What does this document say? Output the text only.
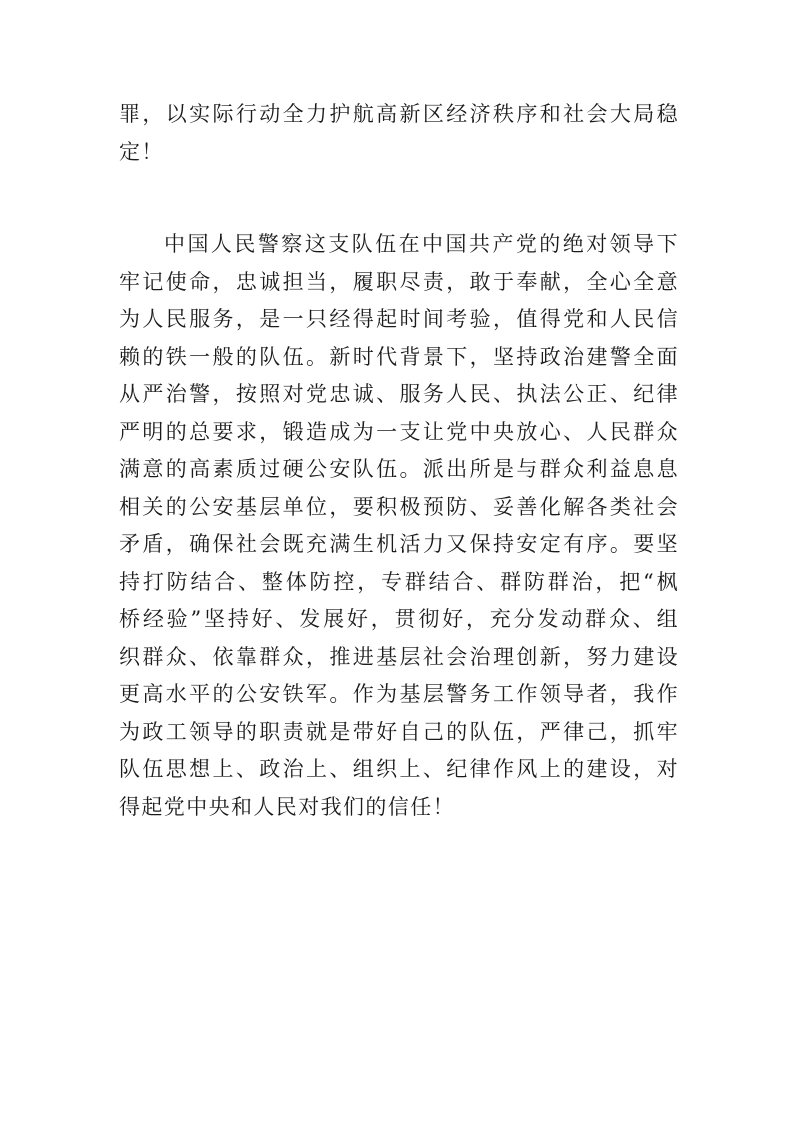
罪，以实际行动全力护航高新区经济秩序和社会大局稳
定！
中国人民警察这支队伍在中国共产党的绝对领导下
牢记使命，忠诚担当，履职尽责，敢于奉献，全心全意
为人民服务，是一只经得起时间考验，值得党和人民信
赖的铁一般的队伍。新时代背景下，坚持政治建警全面
从严治警，按照对党忠诚、服务人民、执法公正、纪律
严明的总要求，锻造成为一支让党中央放心、人民群众
满意的高素质过硬公安队伍。派出所是与群众利益息息
相关的公安基层单位，要积极预防、妥善化解各类社会
矛盾，确保社会既充满生机活力又保持安定有序。要坚
持打防结合、整体防控，专群结合、群防群治，把“枫
桥经验”坚持好、发展好，贯彻好，充分发动群众、组
织群众、依靠群众，推进基层社会治理创新，努力建设
更高水平的公安铁军。作为基层警务工作领导者，我作
为政工领导的职责就是带好自己的队伍，严律己，抓牢
队伍思想上、政治上、组织上、纪律作风上的建设，对
得起党中央和人民对我们的信任！
